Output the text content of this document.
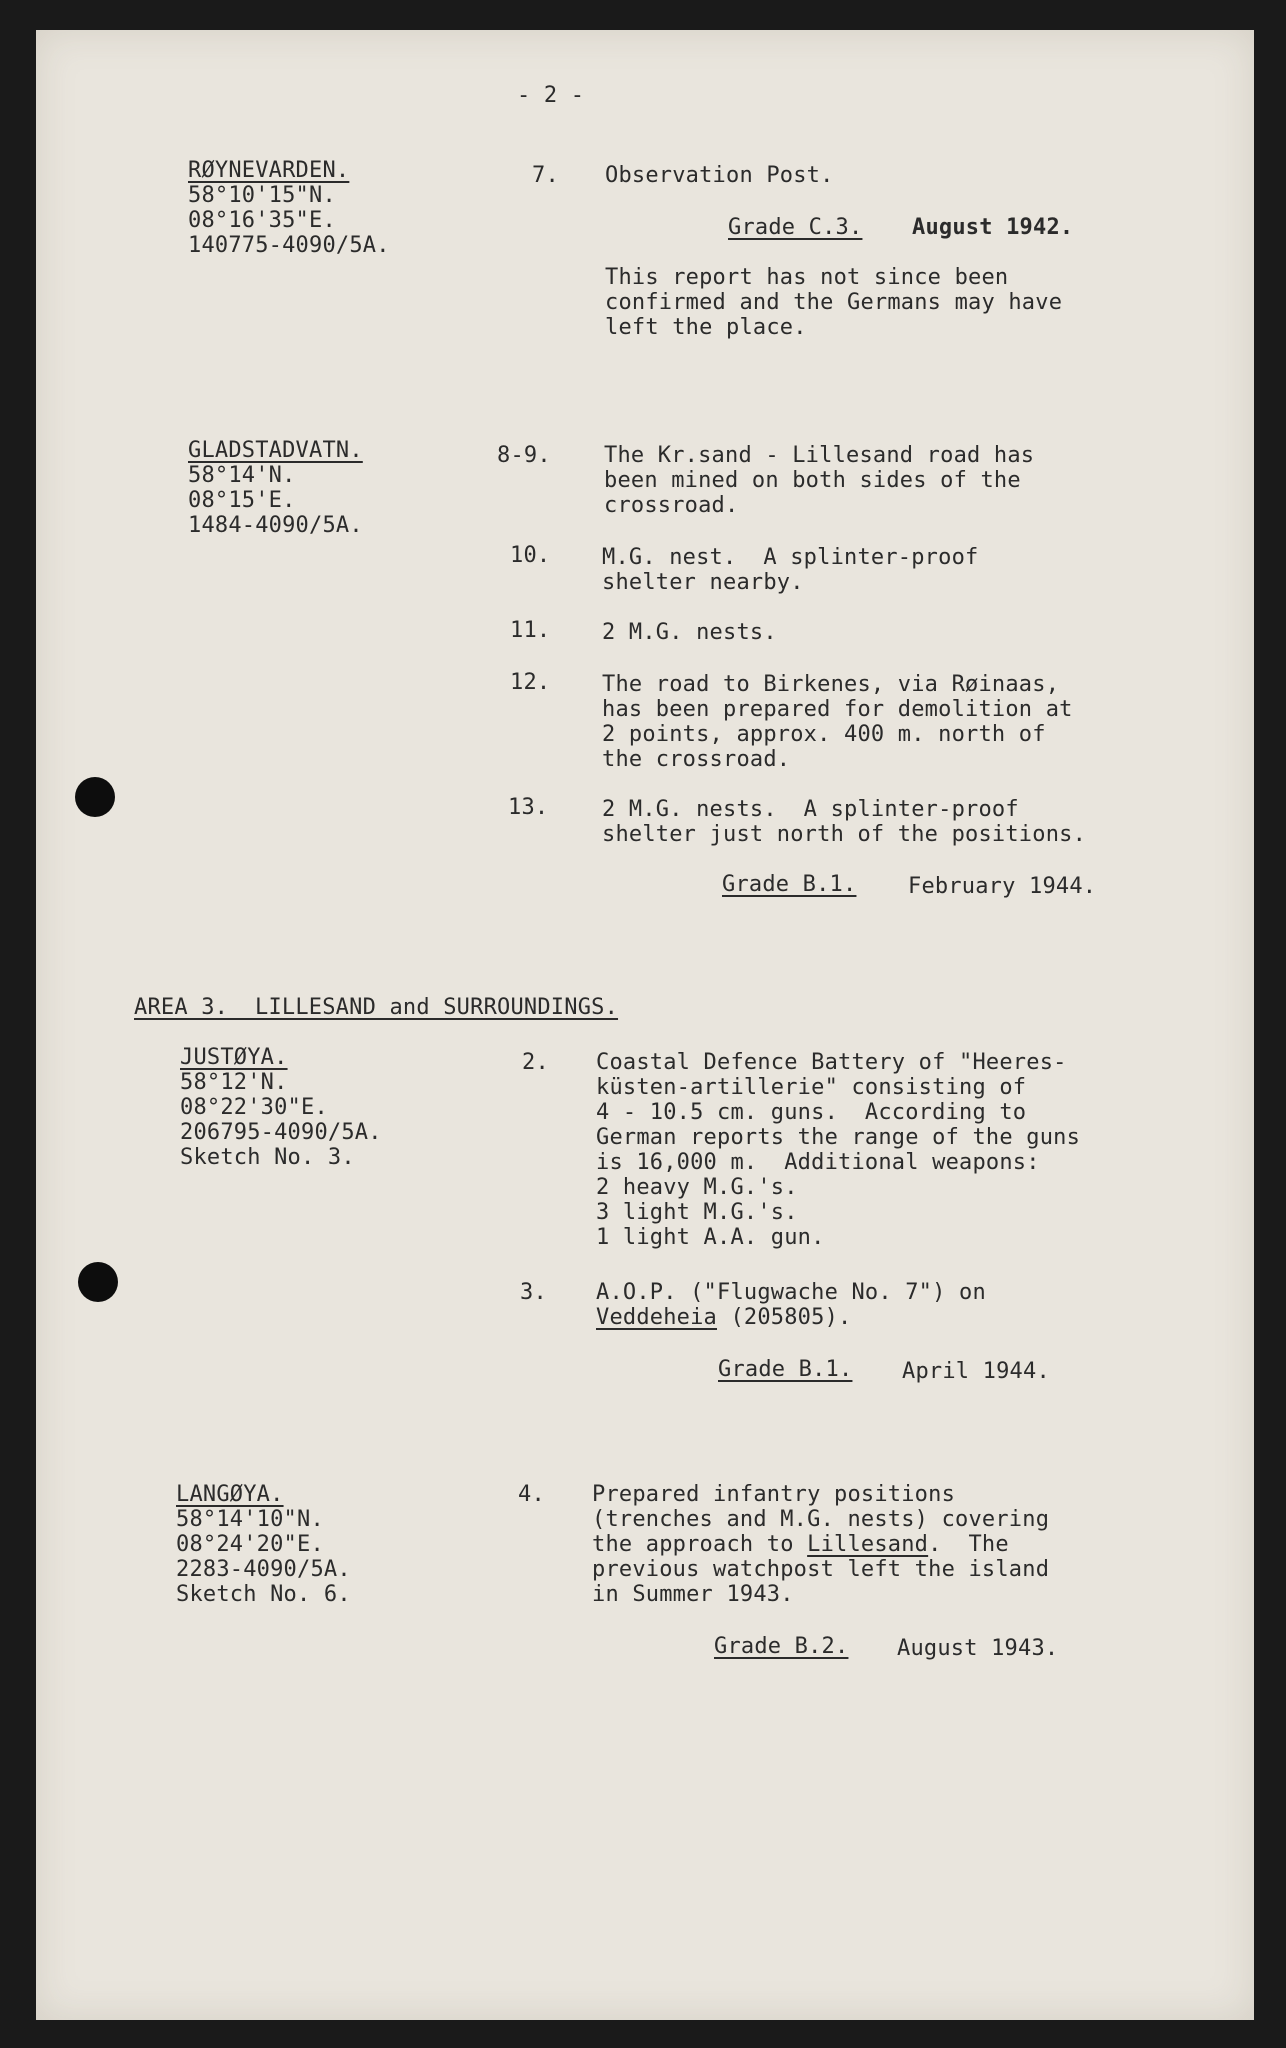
- 2 -
RØYNEVARDEN.
58°10'15"N.
08°16'35"E.
140775-4090/5A.
7. Observation Post.
Grade C.3. August 1942.
This report has not since been
confirmed and the Germans may have
left the place.
GLADSTADVATN.
58°14'N.
08°15'E.
1484-4090/5A.
8-9. The Kr.sand - Lillesand road has
been mined on both sides of the
crossroad.
10. M.G. nest.  A splinter-proof
shelter nearby.
11. 2 M.G. nests.
12. The road to Birkenes, via Røinaas,
has been prepared for demolition at
2 points, approx. 400 m. north of
the crossroad.
13. 2 M.G. nests.  A splinter-proof
shelter just north of the positions.
Grade B.1. February 1944.
AREA 3.  LILLESAND and SURROUNDINGS.
JUSTØYA.
58°12'N.
08°22'30"E.
206795-4090/5A.
Sketch No. 3.
2. Coastal Defence Battery of "Heeres-
küsten-artillerie" consisting of
4 - 10.5 cm. guns.  According to
German reports the range of the guns
is 16,000 m.  Additional weapons:
2 heavy M.G.'s.
3 light M.G.'s.
1 light A.A. gun.
3. A.O.P. ("Flugwache No. 7") on
Veddeheia (205805).
Grade B.1. April 1944.
LANGØYA.
58°14'10"N.
08°24'20"E.
2283-4090/5A.
Sketch No. 6.
4. Prepared infantry positions
(trenches and M.G. nests) covering
the approach to Lillesand.  The
previous watchpost left the island
in Summer 1943.
Grade B.2. August 1943.
